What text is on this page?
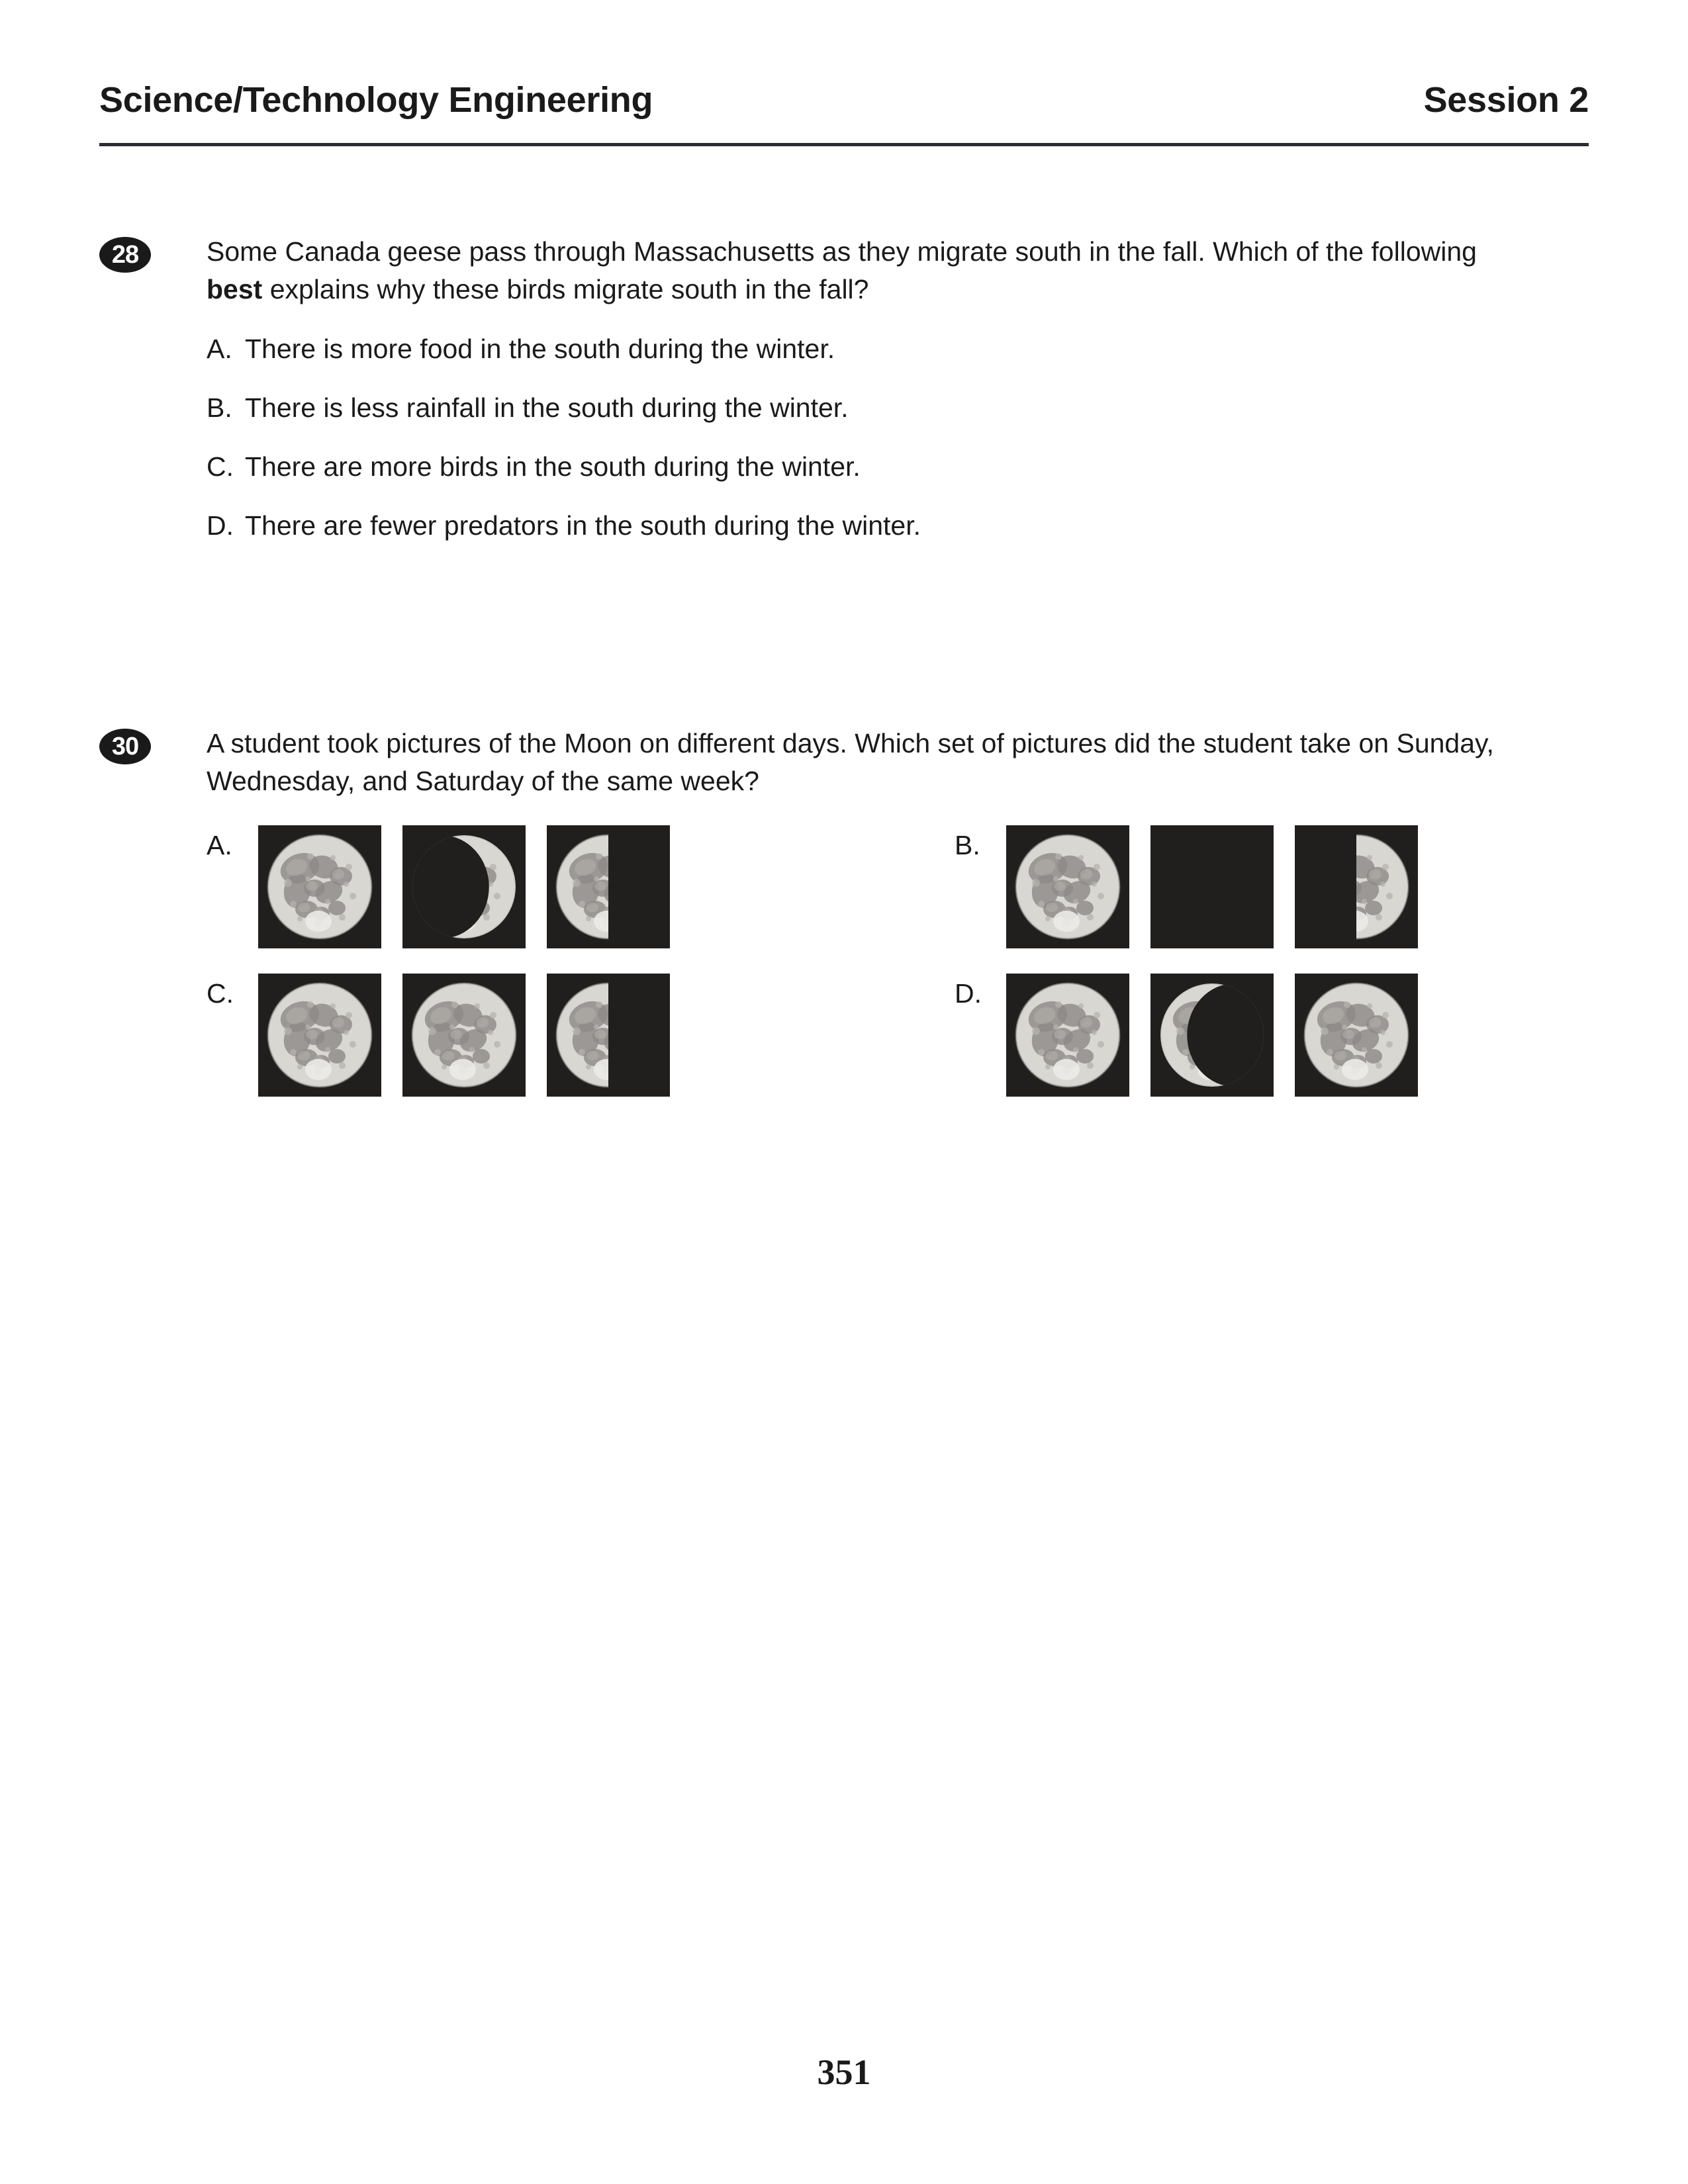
Science/Technology Engineering	Session 2
28	Some Canada geese pass through Massachusetts as they migrate south in the fall. Which of the following best explains why these birds migrate south in the fall?
A. There is more food in the south during the winter.
B. There is less rainfall in the south during the winter.
C. There are more birds in the south during the winter.
D. There are fewer predators in the south during the winter.
30	A student took pictures of the Moon on different days. Which set of pictures did the student take on Sunday, Wednesday, and Saturday of the same week?
A.	B.
C.	D.
351
